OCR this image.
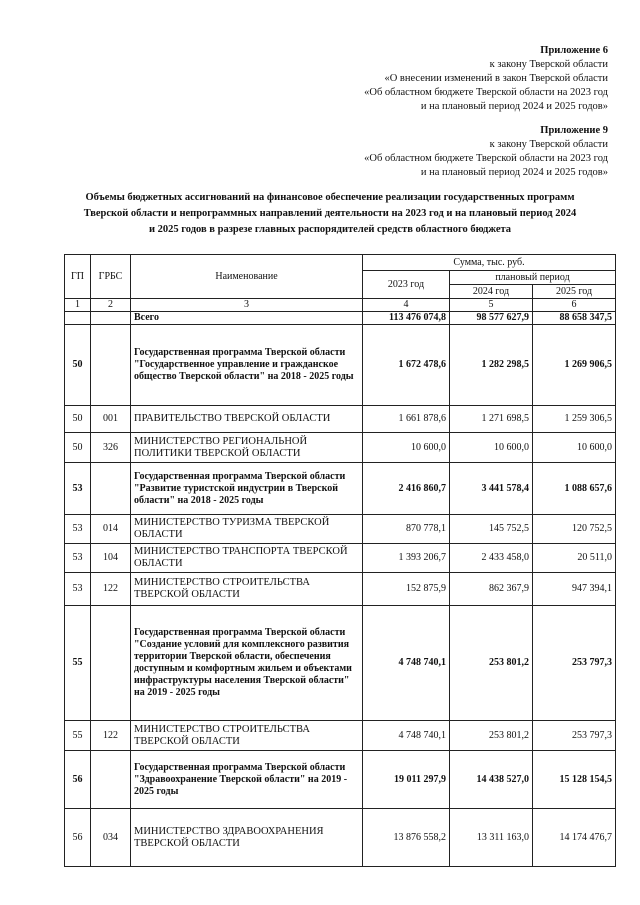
Приложение 6
к закону Тверской области
«О внесении изменений в закон Тверской области
«Об областном бюджете Тверской области на 2023 год
и на плановый период 2024 и 2025 годов»
Приложение 9
к закону Тверской области
«Об областном бюджете Тверской области на 2023 год
и на плановый период 2024 и 2025 годов»
Объемы бюджетных ассигнований на финансовое обеспечение реализации государственных программ
Тверской области и непрограммных направлений деятельности на 2023 год и на плановый период 2024
и 2025 годов в разрезе главных распорядителей средств областного бюджета
ГП	ГРБС	Наименование	Сумма, тыс. руб.		
			2023 год	плановый период	
				2024 год	2025 год
1	2	3	4	5	6
		Всего	113 476 074,8	98 577 627,9	88 658 347,5
50		Государственная программа Тверской области "Государственное управление и гражданское общество Тверской области" на 2018 - 2025 годы	1 672 478,6	1 282 298,5	1 269 906,5
50	001	ПРАВИТЕЛЬСТВО ТВЕРСКОЙ ОБЛАСТИ	1 661 878,6	1 271 698,5	1 259 306,5
50	326	МИНИСТЕРСТВО РЕГИОНАЛЬНОЙ ПОЛИТИКИ ТВЕРСКОЙ ОБЛАСТИ	10 600,0	10 600,0	10 600,0
53		Государственная программа Тверской области "Развитие туристской индустрии в Тверской области" на 2018 - 2025 годы	2 416 860,7	3 441 578,4	1 088 657,6
53	014	МИНИСТЕРСТВО ТУРИЗМА ТВЕРСКОЙ ОБЛАСТИ	870 778,1	145 752,5	120 752,5
53	104	МИНИСТЕРСТВО ТРАНСПОРТА ТВЕРСКОЙ ОБЛАСТИ	1 393 206,7	2 433 458,0	20 511,0
53	122	МИНИСТЕРСТВО СТРОИТЕЛЬСТВА ТВЕРСКОЙ ОБЛАСТИ	152 875,9	862 367,9	947 394,1
55		Государственная программа Тверской области "Создание условий для комплексного развития территории Тверской области, обеспечения доступным и комфортным жильем и объектами инфраструктуры населения Тверской области" на 2019 - 2025 годы	4 748 740,1	253 801,2	253 797,3
55	122	МИНИСТЕРСТВО СТРОИТЕЛЬСТВА ТВЕРСКОЙ ОБЛАСТИ	4 748 740,1	253 801,2	253 797,3
56		Государственная программа Тверской области "Здравоохранение Тверской области" на 2019 - 2025 годы	19 011 297,9	14 438 527,0	15 128 154,5
56	034	МИНИСТЕРСТВО ЗДРАВООХРАНЕНИЯ ТВЕРСКОЙ ОБЛАСТИ	13 876 558,2	13 311 163,0	14 174 476,7
